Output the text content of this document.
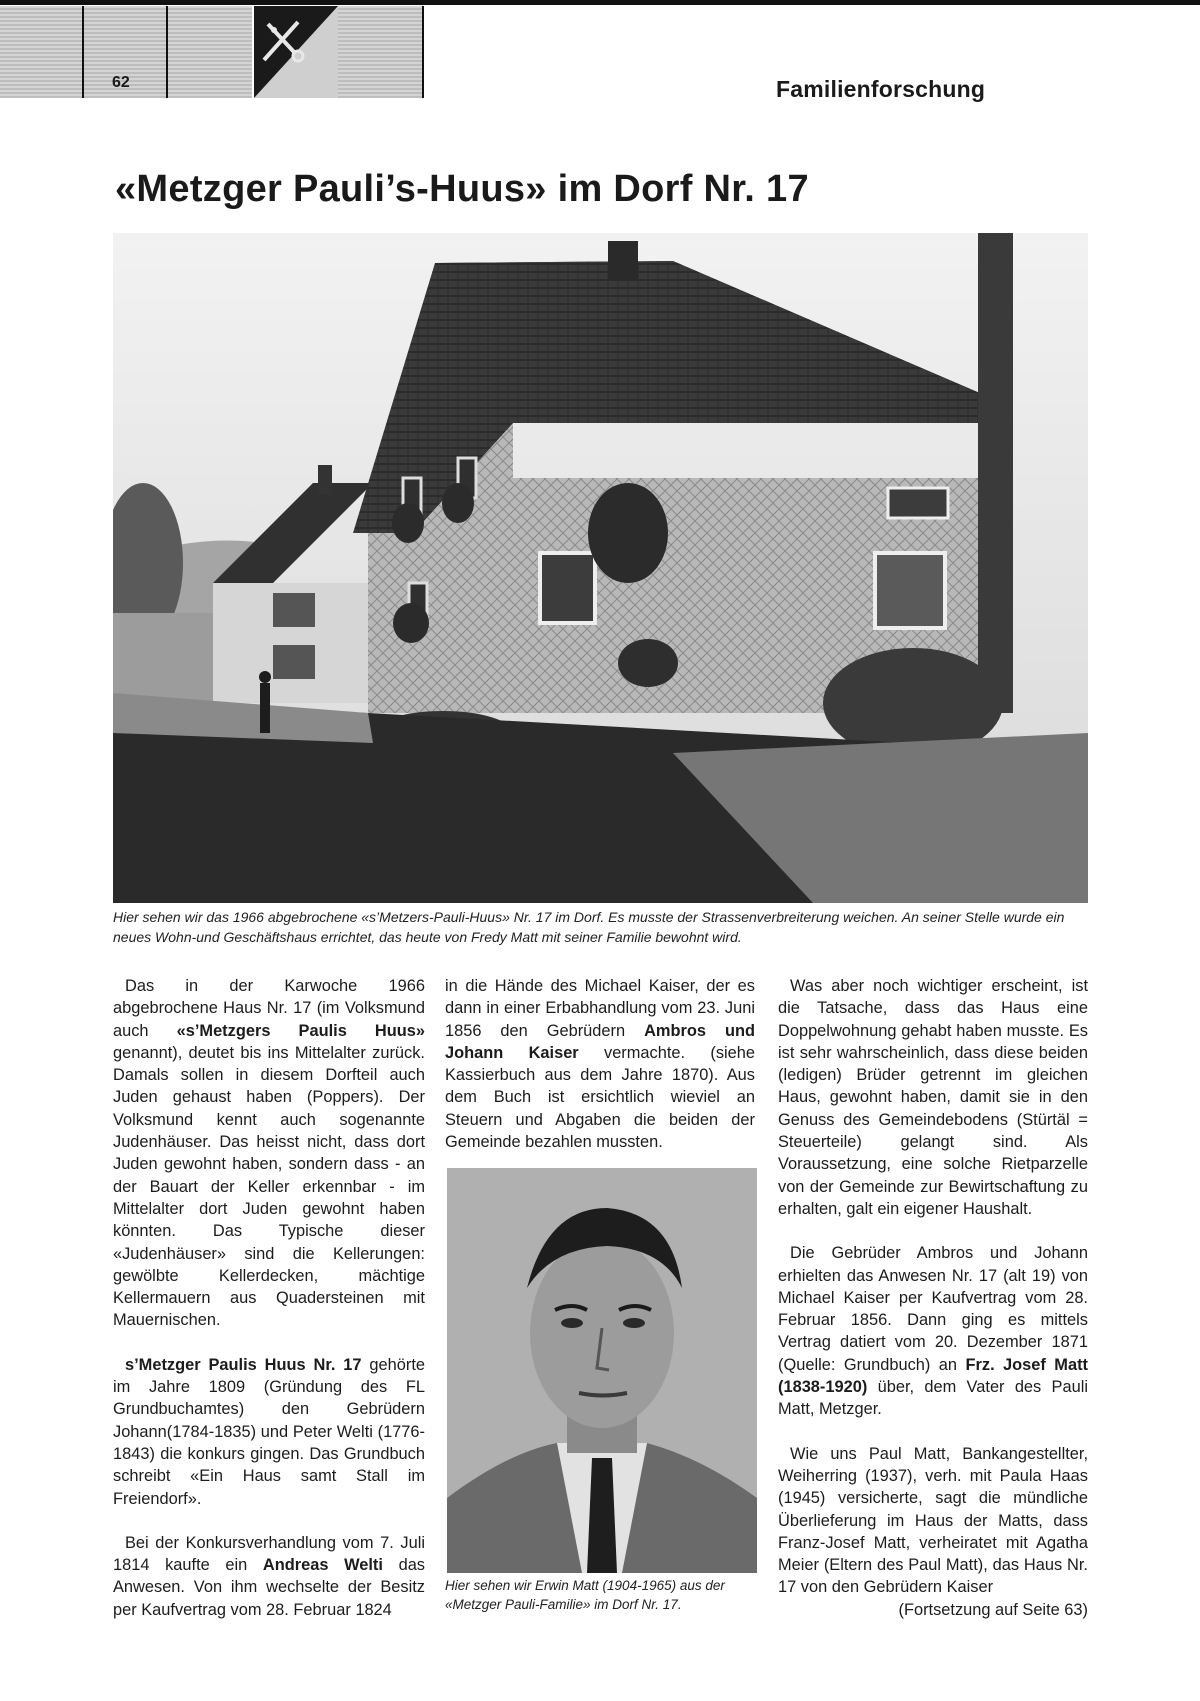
62	Familienforschung
«Metzger Pauli’s-Huus» im Dorf Nr. 17
Hier sehen wir das 1966 abgebrochene «s’Metzers-Pauli-Huus» Nr. 17 im Dorf. Es musste der Strassenverbreiterung weichen. An seiner Stelle wurde ein neues Wohn-und Geschäftshaus errichtet, das heute von Fredy Matt mit seiner Familie bewohnt wird.

Das in der Karwoche 1966 abgebrochene Haus Nr. 17 (im Volksmund auch «s’Metzgers Paulis Huus» genannt), deutet bis ins Mittelalter zurück. Damals sollen in diesem Dorfteil auch Juden gehaust haben (Poppers). Der Volksmund kennt auch sogenannte Judenhäuser. Das heisst nicht, dass dort Juden gewohnt haben, sondern dass - an der Bauart der Keller erkennbar - im Mittelalter dort Juden gewohnt haben könnten. Das Typische dieser «Judenhäuser» sind die Kellerungen: gewölbte Kellerdecken, mächtige Kellermauern aus Quadersteinen mit Mauernischen.

s’Metzger Paulis Huus Nr. 17 gehörte im Jahre 1809 (Gründung des FL Grundbuchamtes) den Gebrüdern Johann(1784-1835) und Peter Welti (1776-1843) die konkurs gingen. Das Grundbuch schreibt «Ein Haus samt Stall im Freiendorf».

Bei der Konkursverhandlung vom 7. Juli 1814 kaufte ein Andreas Welti das Anwesen. Von ihm wechselte der Besitz per Kaufvertrag vom 28. Februar 1824

in die Hände des Michael Kaiser, der es dann in einer Erbabhandlung vom 23. Juni 1856 den Gebrüdern Ambros und Johann Kaiser vermachte. (siehe Kassierbuch aus dem Jahre 1870). Aus dem Buch ist ersichtlich wieviel an Steuern und Abgaben die beiden der Gemeinde bezahlen mussten.

Hier sehen wir Erwin Matt (1904-1965) aus der «Metzger Pauli-Familie» im Dorf Nr. 17.

Was aber noch wichtiger erscheint, ist die Tatsache, dass das Haus eine Doppelwohnung gehabt haben musste. Es ist sehr wahrscheinlich, dass diese beiden (ledigen) Brüder getrennt im gleichen Haus, gewohnt haben, damit sie in den Genuss des Gemeindebodens (Stürtäl = Steuerteile) gelangt sind. Als Voraussetzung, eine solche Rietparzelle von der Gemeinde zur Bewirtschaftung zu erhalten, galt ein eigener Haushalt.

Die Gebrüder Ambros und Johann erhielten das Anwesen Nr. 17 (alt 19) von Michael Kaiser per Kaufvertrag vom 28. Februar 1856. Dann ging es mittels Vertrag datiert vom 20. Dezember 1871 (Quelle: Grundbuch) an Frz. Josef Matt (1838-1920) über, dem Vater des Pauli Matt, Metzger.

Wie uns Paul Matt, Bankangestellter, Weiherring (1937), verh. mit Paula Haas (1945) versicherte, sagt die mündliche Überlieferung im Haus der Matts, dass Franz-Josef Matt, verheiratet mit Agatha Meier (Eltern des Paul Matt), das Haus Nr. 17 von den Gebrüdern Kaiser
(Fortsetzung auf Seite 63)
